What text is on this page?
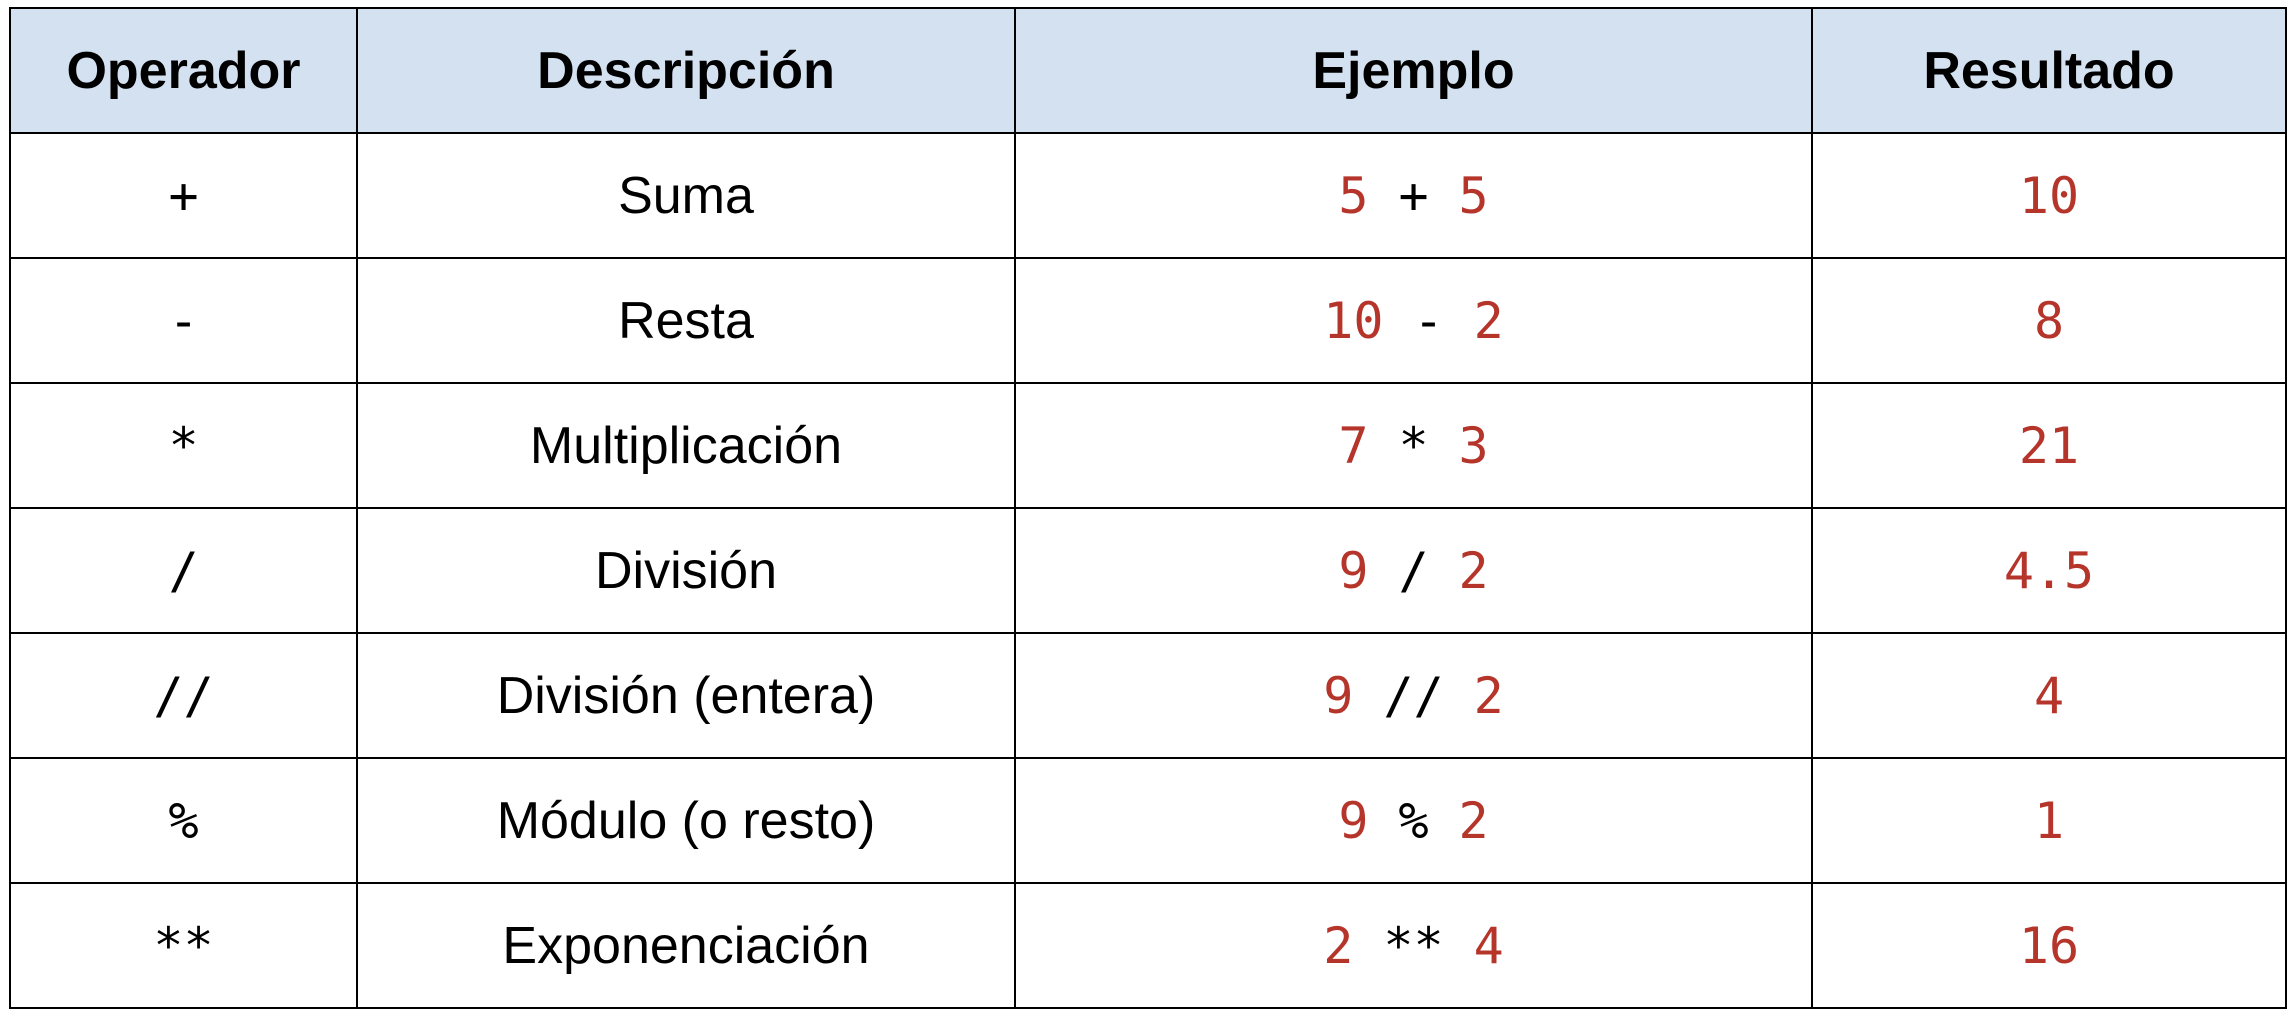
Operador	Descripción	Ejemplo	Resultado
+	Suma	5 + 5	10
-	Resta	10 - 2	8
*	Multiplicación	7 * 3	21
/	División	9 / 2	4.5
//	División (entera)	9 // 2	4
%	Módulo (o resto)	9 % 2	1
**	Exponenciación	2 ** 4	16
